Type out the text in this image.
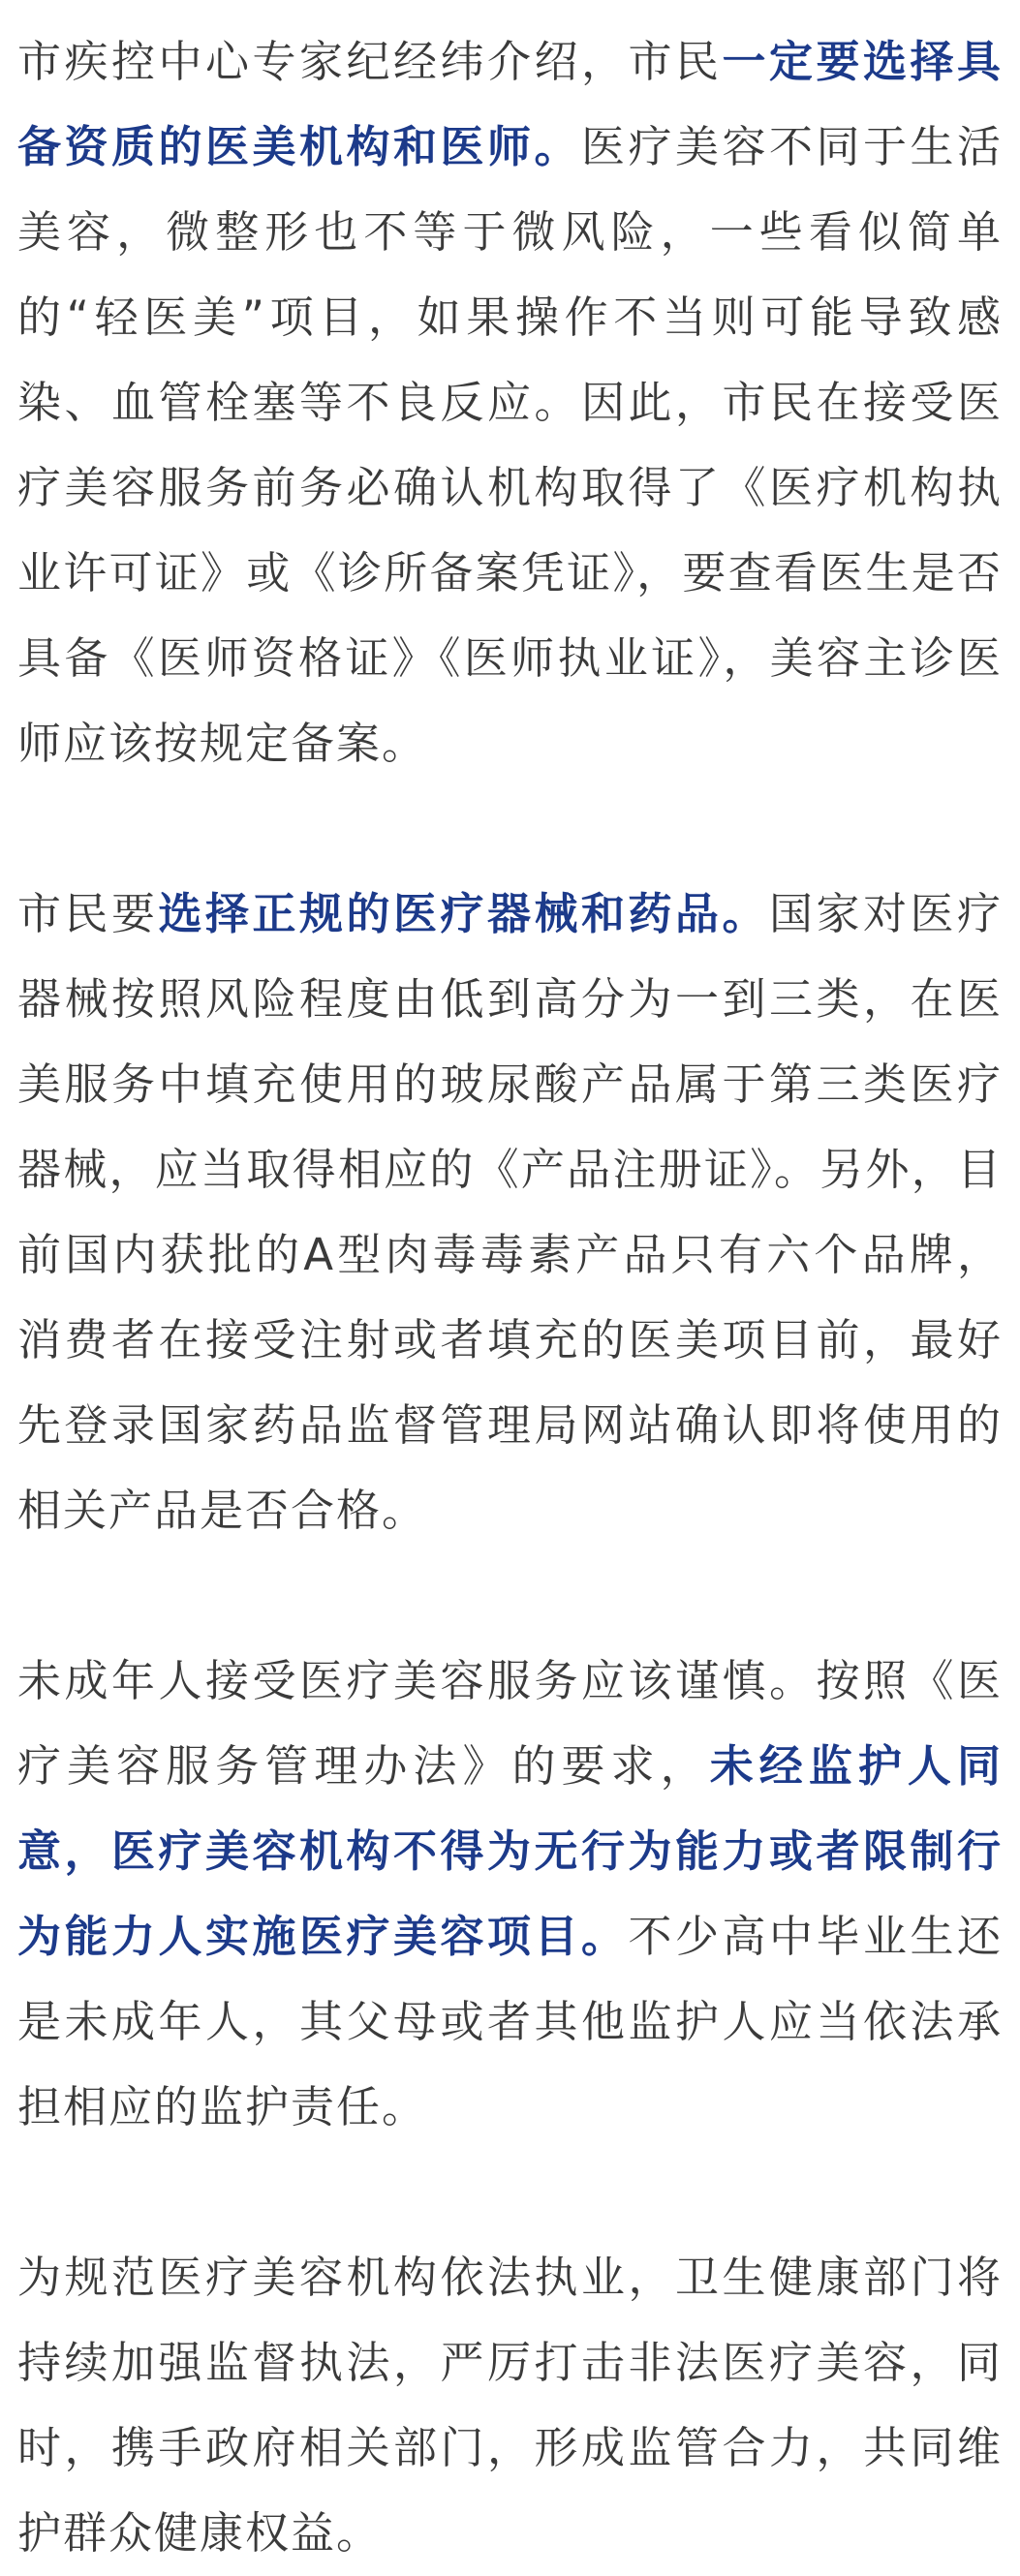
市疾控中心专家纪经纬介绍，市民一定要选择具备资质的医美机构和医师。医疗美容不同于生活美容，微整形也不等于微风险，一些看似简单的“轻医美”项目，如果操作不当则可能导致感染、血管栓塞等不良反应。因此，市民在接受医疗美容服务前务必确认机构取得了《医疗机构执业许可证》或《诊所备案凭证》，要查看医生是否具备《医师资格证》《医师执业证》，美容主诊医师应该按规定备案。

市民要选择正规的医疗器械和药品。国家对医疗器械按照风险程度由低到高分为一到三类，在医美服务中填充使用的玻尿酸产品属于第三类医疗器械，应当取得相应的《产品注册证》。另外，目前国内获批的A型肉毒毒素产品只有六个品牌，消费者在接受注射或者填充的医美项目前，最好先登录国家药品监督管理局网站确认即将使用的相关产品是否合格。

未成年人接受医疗美容服务应该谨慎。按照《医疗美容服务管理办法》的要求，未经监护人同意，医疗美容机构不得为无行为能力或者限制行为能力人实施医疗美容项目。不少高中毕业生还是未成年人，其父母或者其他监护人应当依法承担相应的监护责任。

为规范医疗美容机构依法执业，卫生健康部门将持续加强监督执法，严厉打击非法医疗美容，同时，携手政府相关部门，形成监管合力，共同维护群众健康权益。
